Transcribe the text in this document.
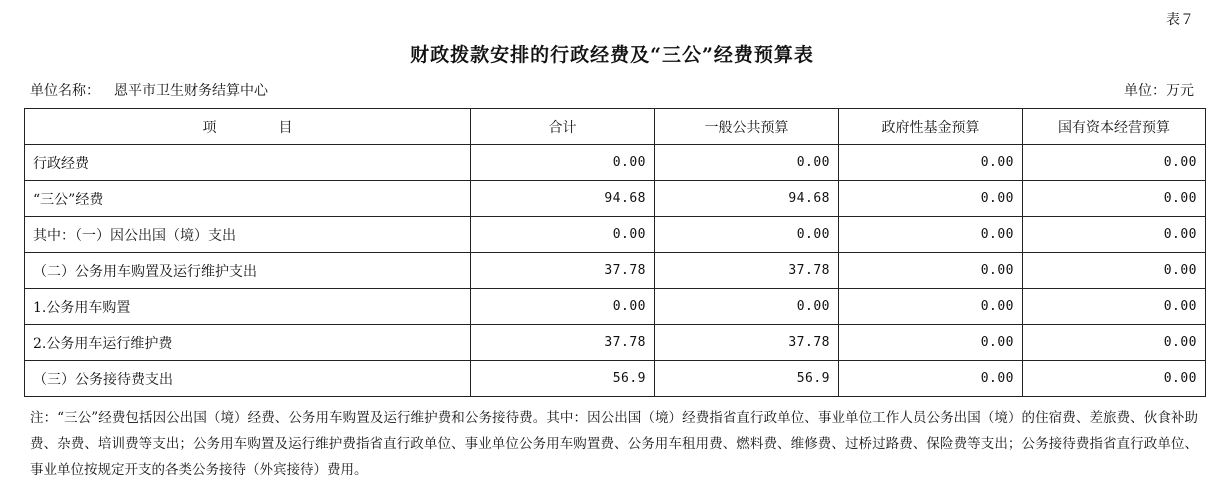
表７
财政拨款安排的行政经费及“三公”经费预算表
单位名称： 恩平市卫生财务结算中心	单位：万元
项 目	合计	一般公共预算	政府性基金预算	国有资本经营预算
行政经费	0.00	0.00	0.00	0.00
“三公”经费	94.68	94.68	0.00	0.00
其中：（一）因公出国（境）支出	0.00	0.00	0.00	0.00
（二）公务用车购置及运行维护支出	37.78	37.78	0.00	0.00
1.公务用车购置	0.00	0.00	0.00	0.00
2.公务用车运行维护费	37.78	37.78	0.00	0.00
（三）公务接待费支出	56.9	56.9	0.00	0.00
注：“三公”经费包括因公出国（境）经费、公务用车购置及运行维护费和公务接待费。其中：因公出国（境）经费指省直行政单位、事业单位工作人员公务出国（境）的住宿费、差旅费、伙食补助费、杂费、培训费等支出；公务用车购置及运行维护费指省直行政单位、事业单位公务用车购置费、公务用车租用费、燃料费、维修费、过桥过路费、保险费等支出；公务接待费指省直行政单位、事业单位按规定开支的各类公务接待（外宾接待）费用。
